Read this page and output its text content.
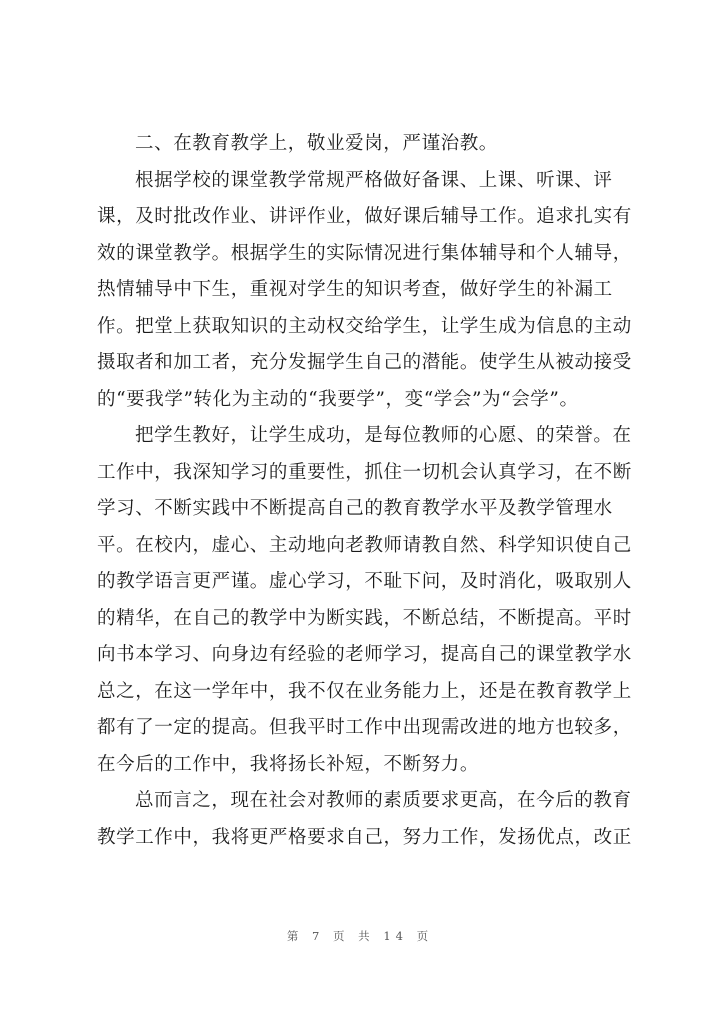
二、在教育教学上，敬业爱岗，严谨治教。
根据学校的课堂教学常规严格做好备课、上课、听课、评
课，及时批改作业、讲评作业，做好课后辅导工作。追求扎实有
效的课堂教学。根据学生的实际情况进行集体辅导和个人辅导，
热情辅导中下生，重视对学生的知识考查，做好学生的补漏工
作。把堂上获取知识的主动权交给学生，让学生成为信息的主动
摄取者和加工者，充分发掘学生自己的潜能。使学生从被动接受
的“要我学”转化为主动的“我要学”，变“学会”为“会学”。
把学生教好，让学生成功，是每位教师的心愿、的荣誉。在
工作中，我深知学习的重要性，抓住一切机会认真学习，在不断
学习、不断实践中不断提高自己的教育教学水平及教学管理水
平。在校内，虚心、主动地向老教师请教自然、科学知识使自己
的教学语言更严谨。虚心学习，不耻下问，及时消化，吸取别人
的精华，在自己的教学中为断实践，不断总结，不断提高。平时
向书本学习、向身边有经验的老师学习，提高自己的课堂教学水
总之，在这一学年中，我不仅在业务能力上，还是在教育教学上
都有了一定的提高。但我平时工作中出现需改进的地方也较多，
在今后的工作中，我将扬长补短，不断努力。
总而言之，现在社会对教师的素质要求更高，在今后的教育
教学工作中，我将更严格要求自己，努力工作，发扬优点，改正
第 7 页 共 14 页
